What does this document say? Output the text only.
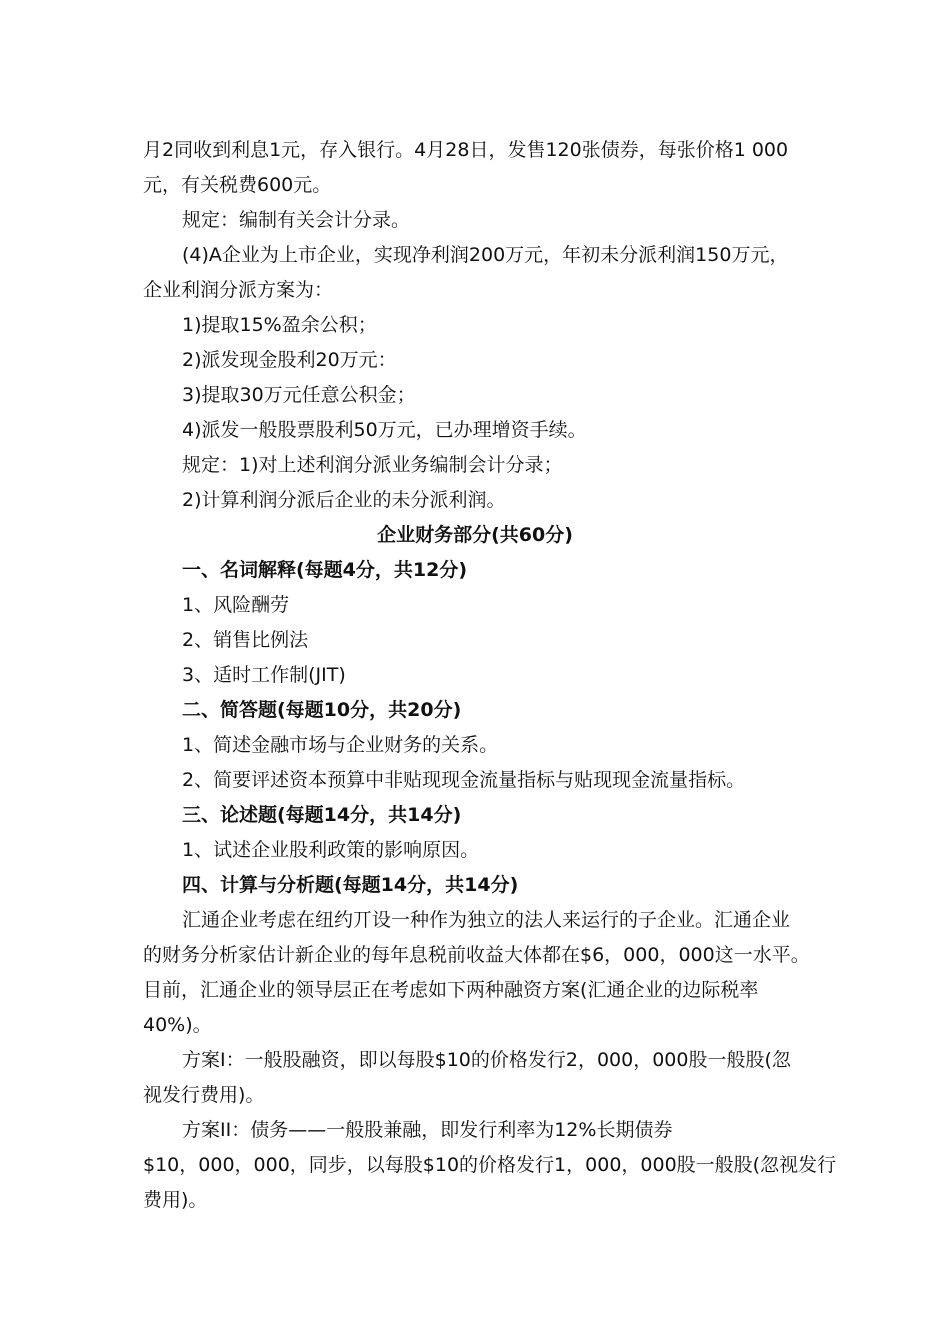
月2同收到利息1元，存入银行。4月28日，发售120张债券，每张价格1 000
元，有关税费600元。
规定：编制有关会计分录。
(4)A企业为上市企业，实现净利润200万元，年初未分派利润150万元，
企业利润分派方案为：
1)提取15%盈余公积；
2)派发现金股利20万元：
3)提取30万元任意公积金；
4)派发一般股票股利50万元，已办理增资手续。
规定：1)对上述利润分派业务编制会计分录；
2)计算利润分派后企业的未分派利润。
企业财务部分(共60分)
一、名词解释(每题4分，共12分)
1、风险酬劳
2、销售比例法
3、适时工作制(JIT)
二、简答题(每题10分，共20分)
1、简述金融市场与企业财务的关系。
2、简要评述资本预算中非贴现现金流量指标与贴现现金流量指标。
三、论述题(每题14分，共14分)
1、试述企业股利政策的影响原因。
四、计算与分析题(每题14分，共14分)
汇通企业考虑在纽约丌设一种作为独立的法人来运行的子企业。汇通企业
的财务分析家估计新企业的每年息税前收益大体都在$6，000，000这一水平。
目前，汇通企业的领导层正在考虑如下两种融资方案(汇通企业的边际税率
40%)。
方案I：一般股融资，即以每股$10的价格发行2，000，000股一般股(忽
视发行费用)。
方案II：债务——一般股兼融，即发行利率为12%长期债券
$10，000，000，同步，以每股$10的价格发行1，000，000股一般股(忽视发行
费用)。
